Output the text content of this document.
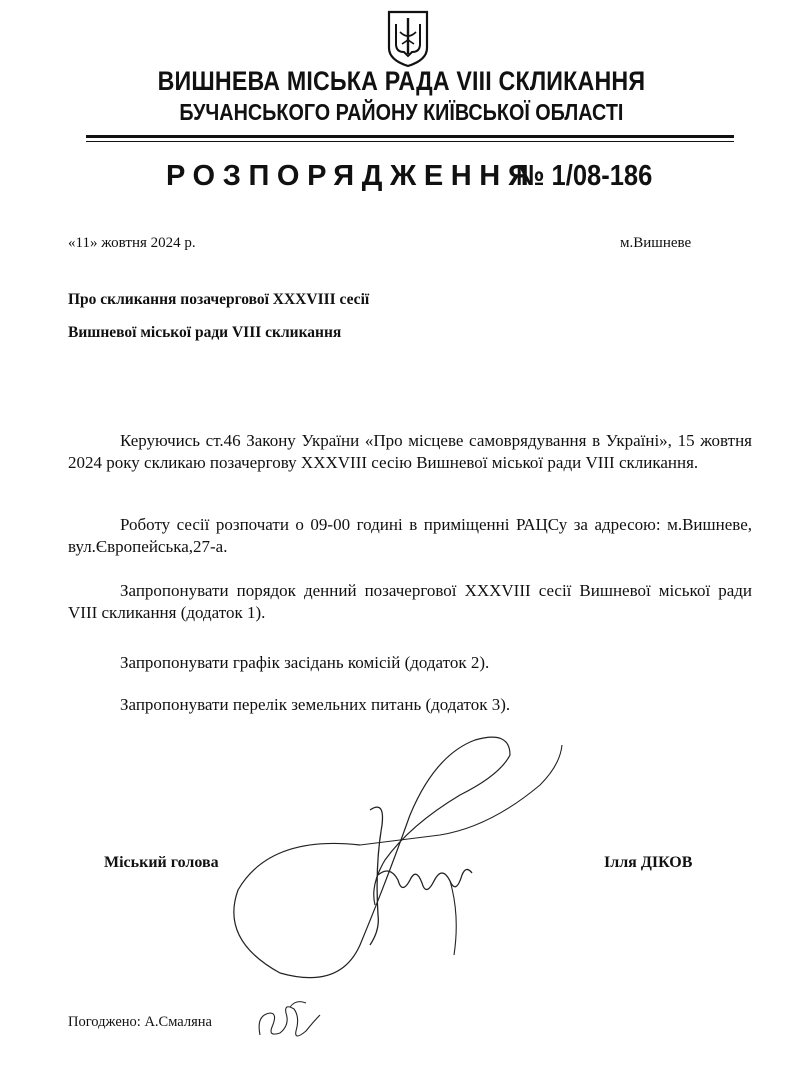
ВИШНЕВА МІСЬКА РАДА VIII СКЛИКАННЯ
БУЧАНСЬКОГО РАЙОНУ КИЇВСЬКОЇ ОБЛАСТІ
РОЗПОРЯДЖЕННЯ
№ 1/08-186
«11» жовтня 2024 р.	м.Вишневе
Про скликання позачергової XXXVIII сесії
Вишневої міської ради VIII скликання
Керуючись ст.46 Закону України «Про місцеве самоврядування в Україні», 15 жовтня 2024 року скликаю позачергову XXXVIII сесію Вишневої міської ради VIII скликання.
Роботу сесії розпочати о 09-00 годині в приміщенні РАЦСу за адресою: м.Вишневе, вул.Європейська,27-а.
Запропонувати порядок денний позачергової XXXVIII сесії Вишневої міської ради VIII скликання (додаток 1).
Запропонувати графік засідань комісій (додаток 2).
Запропонувати перелік земельних питань (додаток 3).
Міський голова	Ілля ДІКОВ
Погоджено: А.Смаляна
